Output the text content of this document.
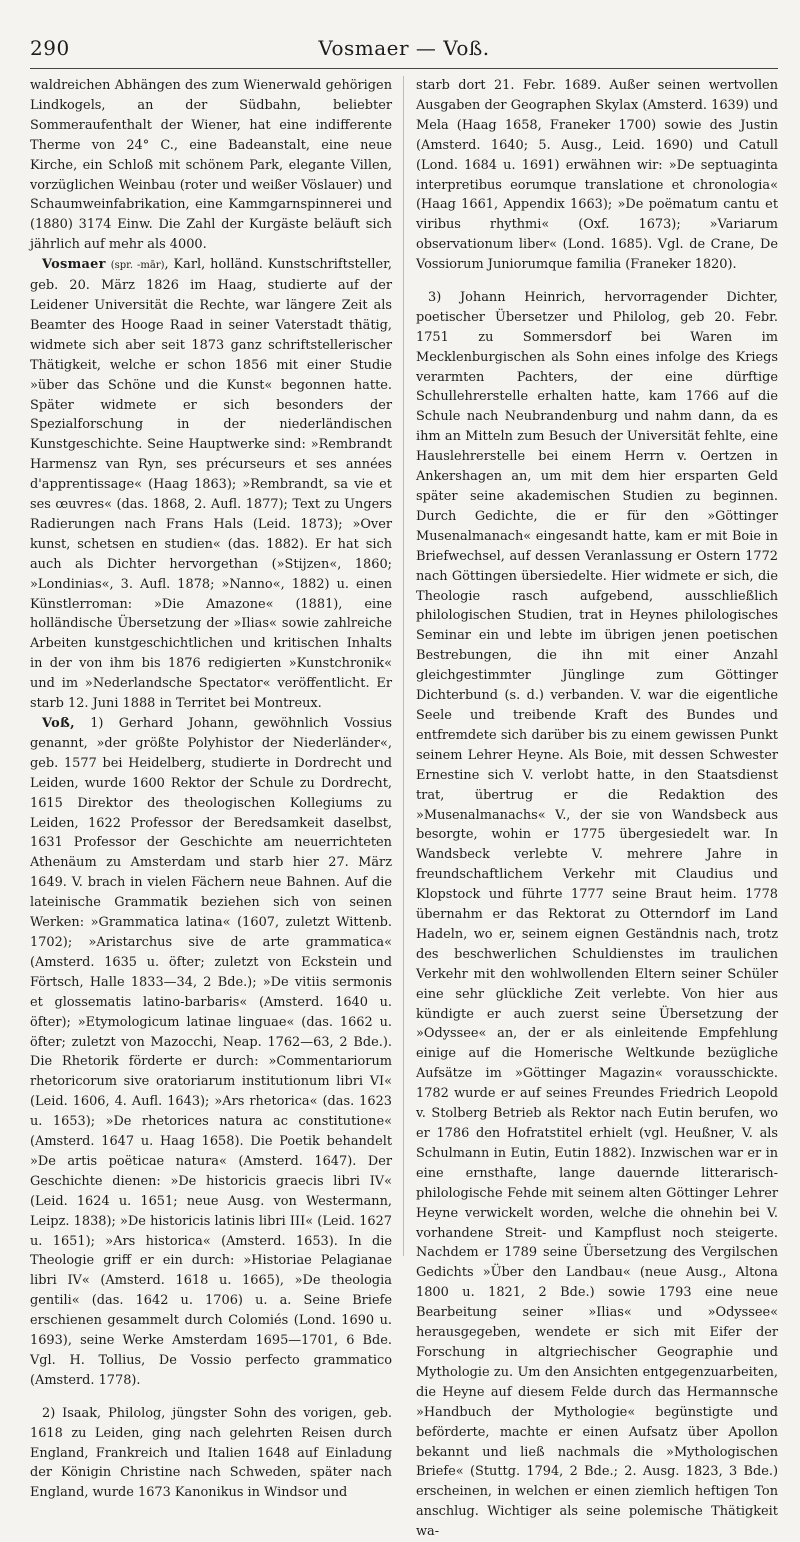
290	Vosmaer — Voß.

waldreichen Abhängen des zum Wienerwald gehörigen Lindkogels, an der Südbahn, beliebter Sommeraufenthalt der Wiener, hat eine indifferente Therme von 24° C., eine Badeanstalt, eine neue Kirche, ein Schloß mit schönem Park, elegante Villen, vorzüglichen Weinbau (roter und weißer Vöslauer) und Schaumweinfabrikation, eine Kammgarnspinnerei und (1880) 3174 Einw. Die Zahl der Kurgäste beläuft sich jährlich auf mehr als 4000.

Vosmaer (spr. -mār), Karl, holländ. Kunstschriftsteller, geb. 20. März 1826 im Haag, studierte auf der Leidener Universität die Rechte, war längere Zeit als Beamter des Hooge Raad in seiner Vaterstadt thätig, widmete sich aber seit 1873 ganz schriftstellerischer Thätigkeit, welche er schon 1856 mit einer Studie »über das Schöne und die Kunst« begonnen hatte. Später widmete er sich besonders der Spezialforschung in der niederländischen Kunstgeschichte. Seine Hauptwerke sind: »Rembrandt Harmensz van Ryn, ses précurseurs et ses années d'apprentissage« (Haag 1863); »Rembrandt, sa vie et ses œuvres« (das. 1868, 2. Aufl. 1877); Text zu Ungers Radierungen nach Frans Hals (Leid. 1873); »Over kunst, schetsen en studien« (das. 1882). Er hat sich auch als Dichter hervorgethan (»Stijzen«, 1860; »Londinias«, 3. Aufl. 1878; »Nanno«, 1882) u. einen Künstlerroman: »Die Amazone« (1881), eine holländische Übersetzung der »Ilias« sowie zahlreiche Arbeiten kunstgeschichtlichen und kritischen Inhalts in der von ihm bis 1876 redigierten »Kunstchronik« und im »Nederlandsche Spectator« veröffentlicht. Er starb 12. Juni 1888 in Territet bei Montreux.

Voß, 1) Gerhard Johann, gewöhnlich Vossius genannt, »der größte Polyhistor der Niederländer«, geb. 1577 bei Heidelberg, studierte in Dordrecht und Leiden, wurde 1600 Rektor der Schule zu Dordrecht, 1615 Direktor des theologischen Kollegiums zu Leiden, 1622 Professor der Beredsamkeit daselbst, 1631 Professor der Geschichte am neuerrichteten Athenäum zu Amsterdam und starb hier 27. März 1649. V. brach in vielen Fächern neue Bahnen. Auf die lateinische Grammatik beziehen sich von seinen Werken: »Grammatica latina« (1607, zuletzt Wittenb. 1702); »Aristarchus sive de arte grammatica« (Amsterd. 1635 u. öfter; zuletzt von Eckstein und Förtsch, Halle 1833—34, 2 Bde.); »De vitiis sermonis et glossematis latino-barbaris« (Amsterd. 1640 u. öfter); »Etymologicum latinae linguae« (das. 1662 u. öfter; zuletzt von Mazocchi, Neap. 1762—63, 2 Bde.). Die Rhetorik förderte er durch: »Commentariorum rhetoricorum sive oratoriarum institutionum libri VI« (Leid. 1606, 4. Aufl. 1643); »Ars rhetorica« (das. 1623 u. 1653); »De rhetorices natura ac constitutione« (Amsterd. 1647 u. Haag 1658). Die Poetik behandelt »De artis poëticae natura« (Amsterd. 1647). Der Geschichte dienen: »De historicis graecis libri IV« (Leid. 1624 u. 1651; neue Ausg. von Westermann, Leipz. 1838); »De historicis latinis libri III« (Leid. 1627 u. 1651); »Ars historica« (Amsterd. 1653). In die Theologie griff er ein durch: »Historiae Pelagianae libri IV« (Amsterd. 1618 u. 1665), »De theologia gentili« (das. 1642 u. 1706) u. a. Seine Briefe erschienen gesammelt durch Colomiés (Lond. 1690 u. 1693), seine Werke Amsterdam 1695—1701, 6 Bde. Vgl. H. Tollius, De Vossio perfecto grammatico (Amsterd. 1778).

2) Isaak, Philolog, jüngster Sohn des vorigen, geb. 1618 zu Leiden, ging nach gelehrten Reisen durch England, Frankreich und Italien 1648 auf Einladung der Königin Christine nach Schweden, später nach England, wurde 1673 Kanonikus in Windsor und

starb dort 21. Febr. 1689. Außer seinen wertvollen Ausgaben der Geographen Skylax (Amsterd. 1639) und Mela (Haag 1658, Franeker 1700) sowie des Justin (Amsterd. 1640; 5. Ausg., Leid. 1690) und Catull (Lond. 1684 u. 1691) erwähnen wir: »De septuaginta interpretibus eorumque translatione et chronologia« (Haag 1661, Appendix 1663); »De poëmatum cantu et viribus rhythmi« (Oxf. 1673); »Variarum observationum liber« (Lond. 1685). Vgl. de Crane, De Vossiorum Juniorumque familia (Franeker 1820).

3) Johann Heinrich, hervorragender Dichter, poetischer Übersetzer und Philolog, geb 20. Febr. 1751 zu Sommersdorf bei Waren im Mecklenburgischen als Sohn eines infolge des Kriegs verarmten Pachters, der eine dürftige Schullehrerstelle erhalten hatte, kam 1766 auf die Schule nach Neubrandenburg und nahm dann, da es ihm an Mitteln zum Besuch der Universität fehlte, eine Hauslehrerstelle bei einem Herrn v. Oertzen in Ankershagen an, um mit dem hier ersparten Geld später seine akademischen Studien zu beginnen. Durch Gedichte, die er für den »Göttinger Musenalmanach« eingesandt hatte, kam er mit Boie in Briefwechsel, auf dessen Veranlassung er Ostern 1772 nach Göttingen übersiedelte. Hier widmete er sich, die Theologie rasch aufgebend, ausschließlich philologischen Studien, trat in Heynes philologisches Seminar ein und lebte im übrigen jenen poetischen Bestrebungen, die ihn mit einer Anzahl gleichgestimmter Jünglinge zum Göttinger Dichterbund (s. d.) verbanden. V. war die eigentliche Seele und treibende Kraft des Bundes und entfremdete sich darüber bis zu einem gewissen Punkt seinem Lehrer Heyne. Als Boie, mit dessen Schwester Ernestine sich V. verlobt hatte, in den Staatsdienst trat, übertrug er die Redaktion des »Musenalmanachs« V., der sie von Wandsbeck aus besorgte, wohin er 1775 übergesiedelt war. In Wandsbeck verlebte V. mehrere Jahre in freundschaftlichem Verkehr mit Claudius und Klopstock und führte 1777 seine Braut heim. 1778 übernahm er das Rektorat zu Otterndorf im Land Hadeln, wo er, seinem eignen Geständnis nach, trotz des beschwerlichen Schuldienstes im traulichen Verkehr mit den wohlwollenden Eltern seiner Schüler eine sehr glückliche Zeit verlebte. Von hier aus kündigte er auch zuerst seine Übersetzung der »Odyssee« an, der er als einleitende Empfehlung einige auf die Homerische Weltkunde bezügliche Aufsätze im »Göttinger Magazin« vorausschickte. 1782 wurde er auf seines Freundes Friedrich Leopold v. Stolberg Betrieb als Rektor nach Eutin berufen, wo er 1786 den Hofratstitel erhielt (vgl. Heußner, V. als Schulmann in Eutin, Eutin 1882). Inzwischen war er in eine ernsthafte, lange dauernde litterarisch-philologische Fehde mit seinem alten Göttinger Lehrer Heyne verwickelt worden, welche die ohnehin bei V. vorhandene Streit- und Kampflust noch steigerte. Nachdem er 1789 seine Übersetzung des Vergilschen Gedichts »Über den Landbau« (neue Ausg., Altona 1800 u. 1821, 2 Bde.) sowie 1793 eine neue Bearbeitung seiner »Ilias« und »Odyssee« herausgegeben, wendete er sich mit Eifer der Forschung in altgriechischer Geographie und Mythologie zu. Um den Ansichten entgegenzuarbeiten, die Heyne auf diesem Felde durch das Hermannsche »Handbuch der Mythologie« begünstigte und beförderte, machte er einen Aufsatz über Apollon bekannt und ließ nachmals die »Mythologischen Briefe« (Stuttg. 1794, 2 Bde.; 2. Ausg. 1823, 3 Bde.) erscheinen, in welchen er einen ziemlich heftigen Ton anschlug. Wichtiger als seine polemische Thätigkeit wa-
